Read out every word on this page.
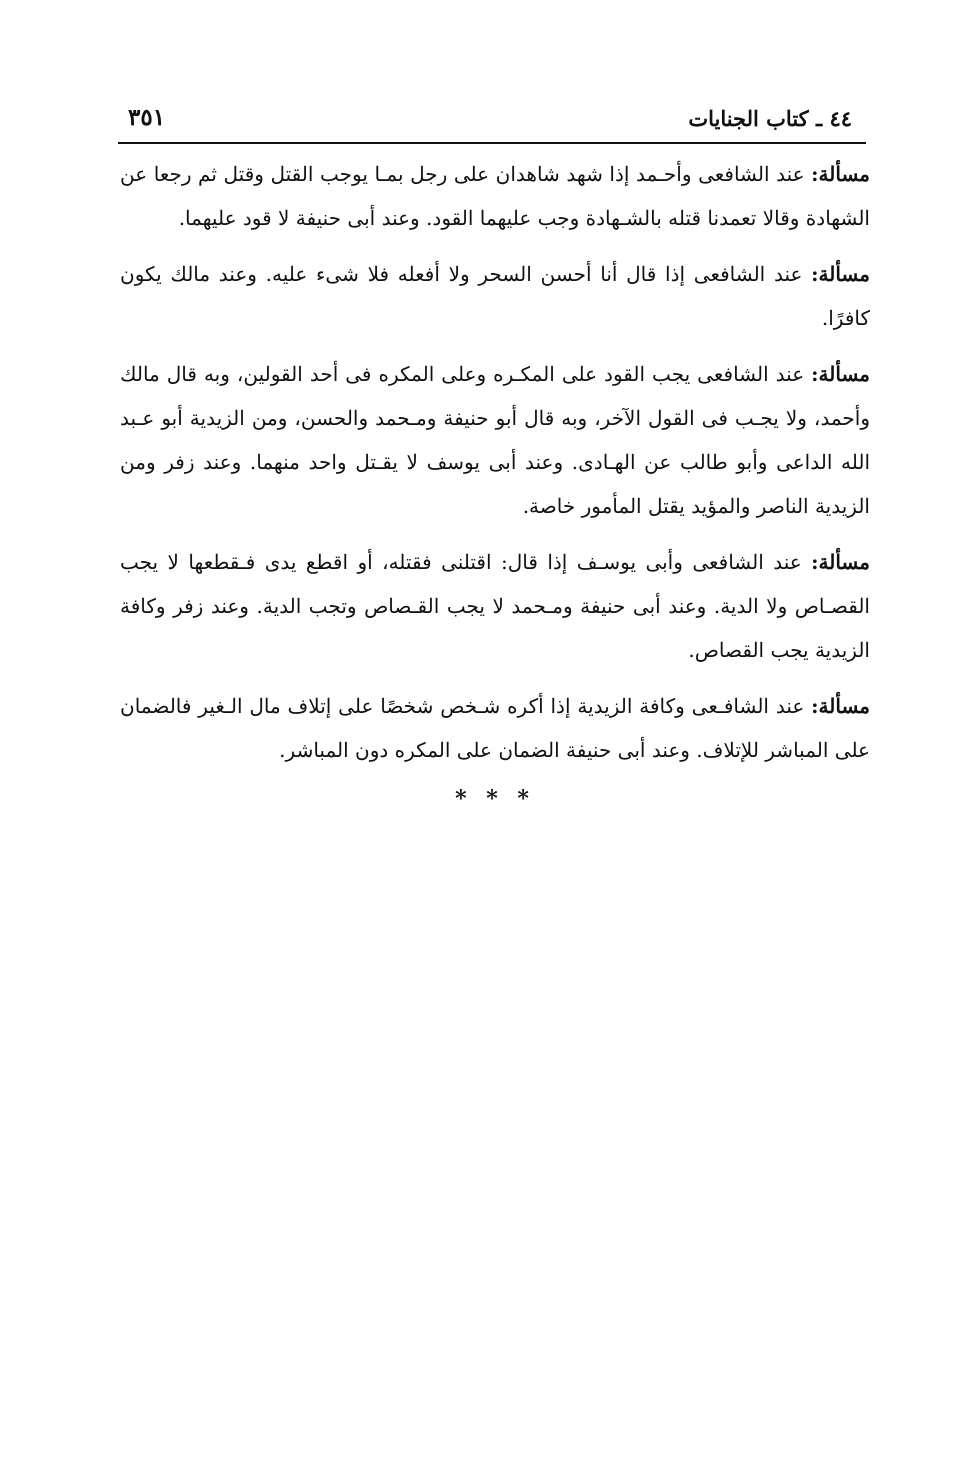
٤٤ ـ كتاب الجنايات
٣٥١

مسألة: عند الشافعى وأحـمد إذا شهد شاهدان على رجل بمـا يوجب القتل وقتل ثم رجعا عن الشهادة وقالا تعمدنا قتله بالشـهادة وجب عليهما القود. وعند أبى حنيفة لا قود عليهما.

مسألة: عند الشافعى إذا قال أنا أحسن السحر ولا أفعله فلا شىء عليه. وعند مالك يكون كافرًا.

مسألة: عند الشافعى يجب القود على المكـره وعلى المكره فى أحد القولين، وبه قال مالك وأحمد، ولا يجـب فى القول الآخر، وبه قال أبو حنيفة ومـحمد والحسن، ومن الزيدية أبو عـبد الله الداعى وأبو طالب عن الهـادى. وعند أبى يوسف لا يقـتل واحد منهما. وعند زفر ومن الزيدية الناصر والمؤيد يقتل المأمور خاصة.

مسألة: عند الشافعى وأبى يوسـف إذا قال: اقتلنى فقتله، أو اقطع يدى فـقطعها لا يجب القصـاص ولا الدية. وعند أبى حنيفة ومـحمد لا يجب القـصاص وتجب الدية. وعند زفر وكافة الزيدية يجب القصاص.

مسألة: عند الشافـعى وكافة الزيدية إذا أكره شـخص شخصًا على إتلاف مال الـغير فالضمان على المباشر للإتلاف. وعند أبى حنيفة الضمان على المكره دون المباشر.

* * *
